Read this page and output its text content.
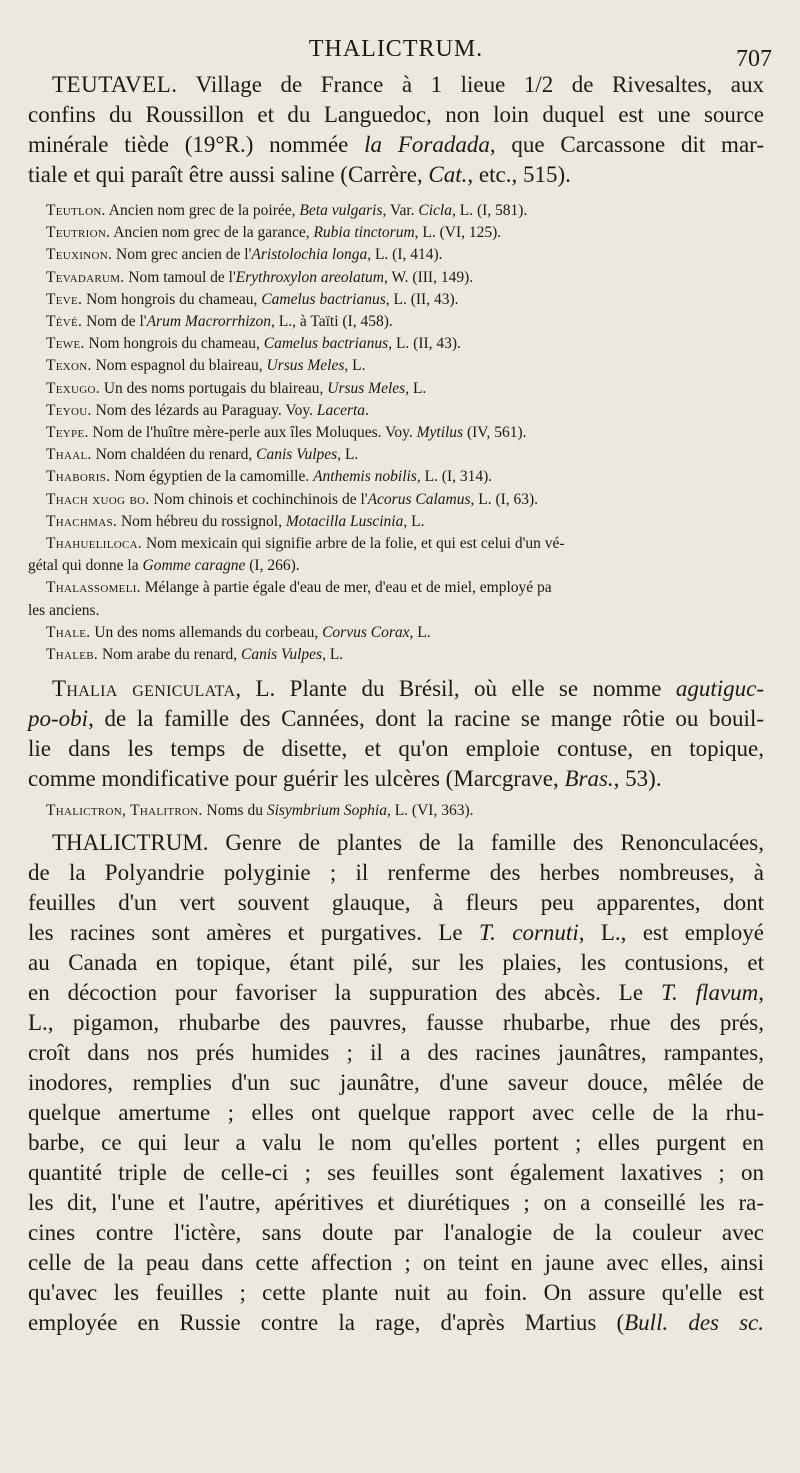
THALICTRUM.	707
TEUTAVEL. Village de France à 1 lieue 1/2 de Rivesaltes, aux
confins du Roussillon et du Languedoc, non loin duquel est une source
minérale tiède (19°R.) nommée la Foradada, que Carcassone dit mar-
tiale et qui paraît être aussi saline (Carrère, Cat., etc., 515).
Teutlon. Ancien nom grec de la poirée, Beta vulgaris, Var. Cicla, L. (I, 581).
Teutrion. Ancien nom grec de la garance, Rubia tinctorum, L. (VI, 125).
Teuxinon. Nom grec ancien de l'Aristolochia longa, L. (I, 414).
Tevadarum. Nom tamoul de l'Erythroxylon areolatum, W. (III, 149).
Teve. Nom hongrois du chameau, Camelus bactrianus, L. (II, 43).
Tévé. Nom de l'Arum Macrorrhizon, L., à Taïti (I, 458).
Tewe. Nom hongrois du chameau, Camelus bactrianus, L. (II, 43).
Texon. Nom espagnol du blaireau, Ursus Meles, L.
Texugo. Un des noms portugais du blaireau, Ursus Meles, L.
Teyou. Nom des lézards au Paraguay. Voy. Lacerta.
Teype. Nom de l'huître mère-perle aux îles Moluques. Voy. Mytilus (IV, 561).
Thaal. Nom chaldéen du renard, Canis Vulpes, L.
Thaboris. Nom égyptien de la camomille. Anthemis nobilis, L. (I, 314).
Thach xuog bo. Nom chinois et cochinchinois de l'Acorus Calamus, L. (I, 63).
Thachmas. Nom hébreu du rossignol, Motacilla Luscinia, L.
Thahueliloca. Nom mexicain qui signifie arbre de la folie, et qui est celui d'un vé-
gétal qui donne la Gomme caragne (I, 266).
Thalassomeli. Mélange à partie égale d'eau de mer, d'eau et de miel, employé pa
les anciens.
Thale. Un des noms allemands du corbeau, Corvus Corax, L.
Thaleb. Nom arabe du renard, Canis Vulpes, L.
Thalia geniculata, L. Plante du Brésil, où elle se nomme agutiguc-
po-obi, de la famille des Cannées, dont la racine se mange rôtie ou bouil-
lie dans les temps de disette, et qu'on emploie contuse, en topique,
comme mondificative pour guérir les ulcères (Marcgrave, Bras., 53).
Thalictron, Thalitron. Noms du Sisymbrium Sophia, L. (VI, 363).
THALICTRUM. Genre de plantes de la famille des Renonculacées,
de la Polyandrie polyginie ; il renferme des herbes nombreuses, à
feuilles d'un vert souvent glauque, à fleurs peu apparentes, dont
les racines sont amères et purgatives. Le T. cornuti, L., est employé
au Canada en topique, étant pilé, sur les plaies, les contusions, et
en décoction pour favoriser la suppuration des abcès. Le T. flavum,
L., pigamon, rhubarbe des pauvres, fausse rhubarbe, rhue des prés,
croît dans nos prés humides ; il a des racines jaunâtres, rampantes,
inodores, remplies d'un suc jaunâtre, d'une saveur douce, mêlée de
quelque amertume ; elles ont quelque rapport avec celle de la rhu-
barbe, ce qui leur a valu le nom qu'elles portent ; elles purgent en
quantité triple de celle-ci ; ses feuilles sont également laxatives ; on
les dit, l'une et l'autre, apéritives et diurétiques ; on a conseillé les ra-
cines contre l'ictère, sans doute par l'analogie de la couleur avec
celle de la peau dans cette affection ; on teint en jaune avec elles, ainsi
qu'avec les feuilles ; cette plante nuit au foin. On assure qu'elle est
employée en Russie contre la rage, d'après Martius (Bull. des sc.
